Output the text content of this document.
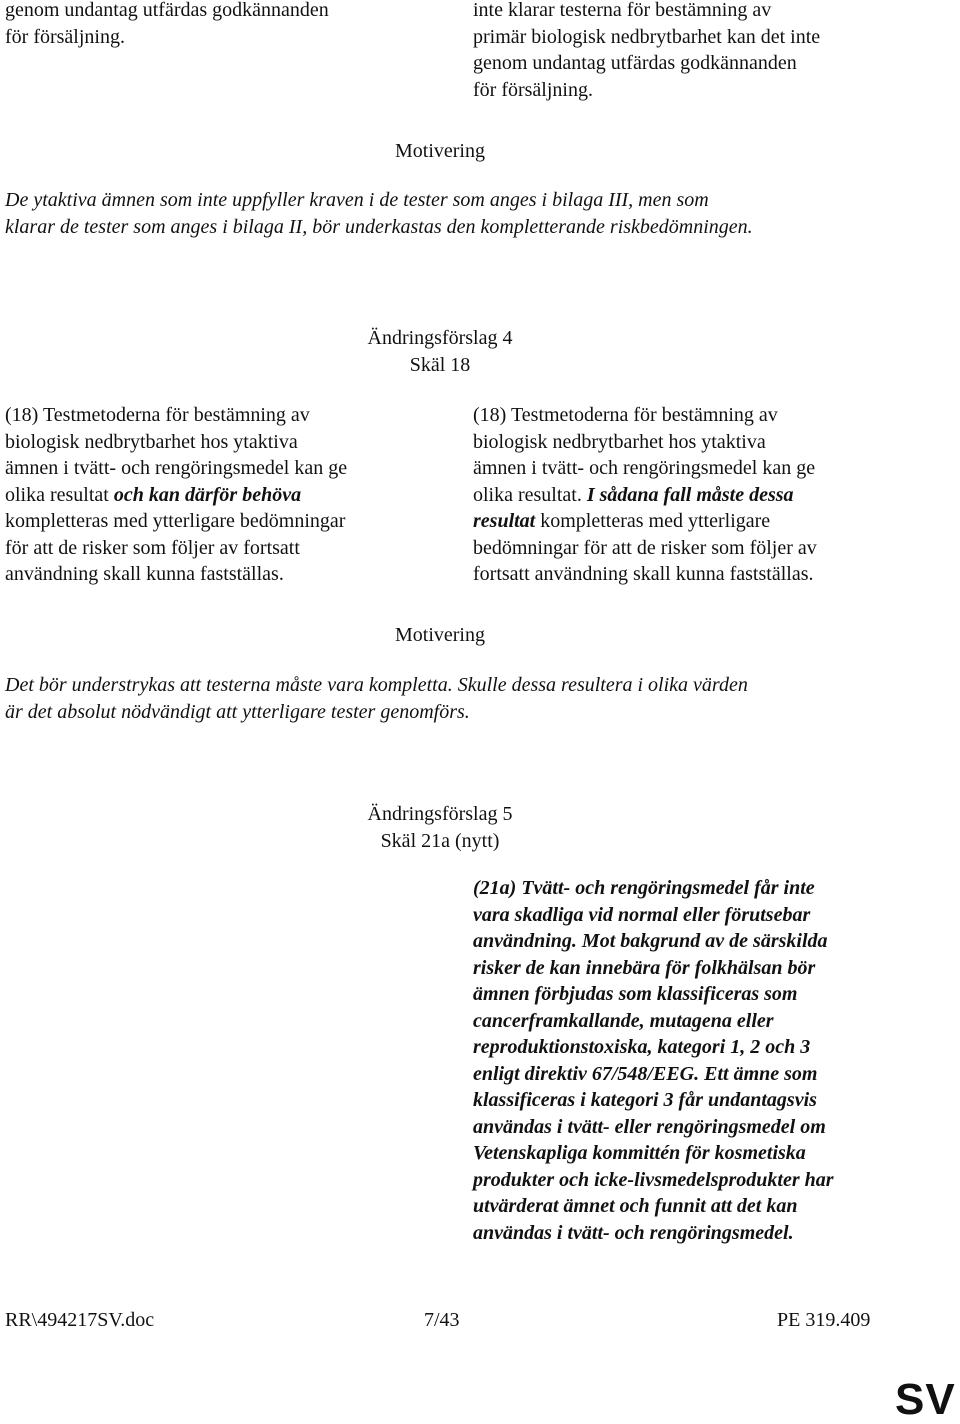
genom undantag utfärdas godkännanden
för försäljning.
inte klarar testerna för bestämning av
primär biologisk nedbrytbarhet kan det inte
genom undantag utfärdas godkännanden
för försäljning.
Motivering
De ytaktiva ämnen som inte uppfyller kraven i de tester som anges i bilaga III, men som
klarar de tester som anges i bilaga II, bör underkastas den kompletterande riskbedömningen.
Ändringsförslag 4
Skäl 18
(18) Testmetoderna för bestämning av
biologisk nedbrytbarhet hos ytaktiva
ämnen i tvätt- och rengöringsmedel kan ge
olika resultat och kan därför behöva
kompletteras med ytterligare bedömningar
för att de risker som följer av fortsatt
användning skall kunna fastställas.
(18) Testmetoderna för bestämning av
biologisk nedbrytbarhet hos ytaktiva
ämnen i tvätt- och rengöringsmedel kan ge
olika resultat. I sådana fall måste dessa
resultat kompletteras med ytterligare
bedömningar för att de risker som följer av
fortsatt användning skall kunna fastställas.
Motivering
Det bör understrykas att testerna måste vara kompletta. Skulle dessa resultera i olika värden
är det absolut nödvändigt att ytterligare tester genomförs.
Ändringsförslag 5
Skäl 21a (nytt)
(21a) Tvätt- och rengöringsmedel får inte
vara skadliga vid normal eller förutsebar
användning. Mot bakgrund av de särskilda
risker de kan innebära för folkhälsan bör
ämnen förbjudas som klassificeras som
cancerframkallande, mutagena eller
reproduktionstoxiska, kategori 1, 2 och 3
enligt direktiv 67/548/EEG. Ett ämne som
klassificeras i kategori 3 får undantagsvis
användas i tvätt- eller rengöringsmedel om
Vetenskapliga kommittén för kosmetiska
produkter och icke-livsmedelsprodukter har
utvärderat ämnet och funnit att det kan
användas i tvätt- och rengöringsmedel.
RR\494217SV.doc	7/43	PE 319.409
SV
